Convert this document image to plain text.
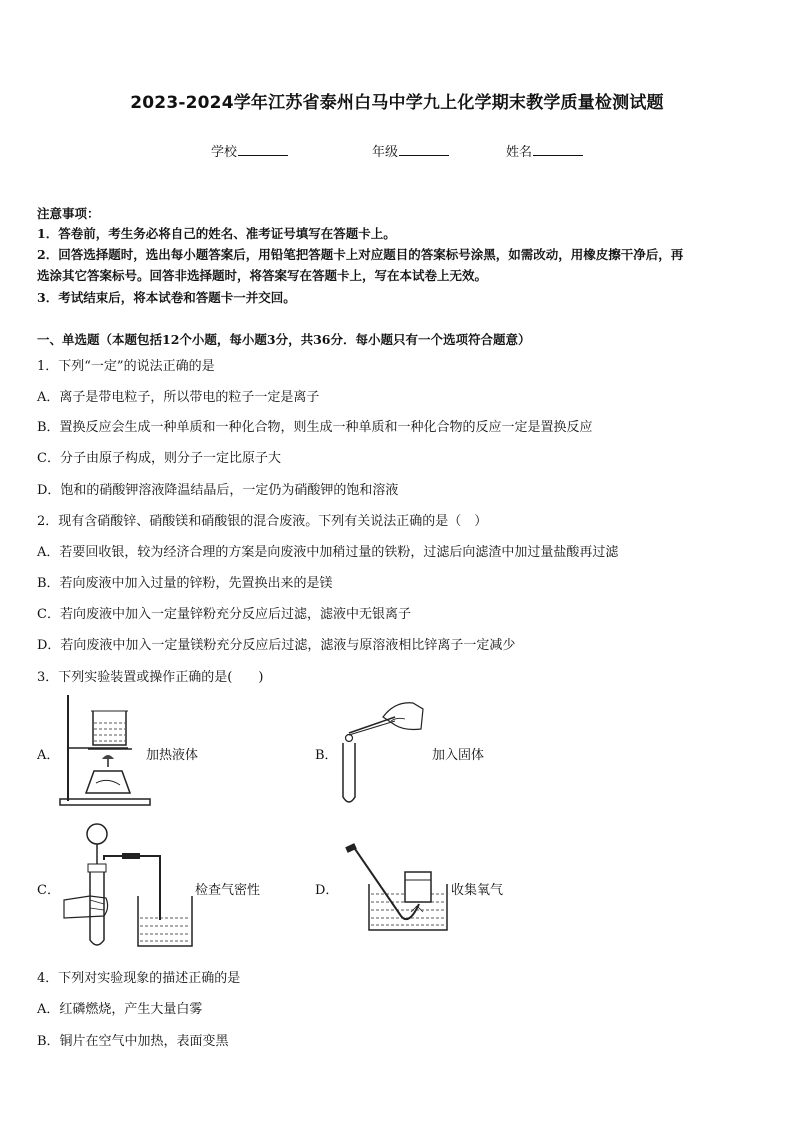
2023-2024学年江苏省泰州白马中学九上化学期末教学质量检测试题
学校	年级	姓名
注意事项：
1．答卷前，考生务必将自己的姓名、准考证号填写在答题卡上。
2．回答选择题时，选出每小题答案后，用铅笔把答题卡上对应题目的答案标号涂黑，如需改动，用橡皮擦干净后，再
选涂其它答案标号。回答非选择题时，将答案写在答题卡上，写在本试卷上无效。
3．考试结束后，将本试卷和答题卡一并交回。
一、单选题（本题包括12个小题，每小题3分，共36分．每小题只有一个选项符合题意）
1．下列“一定”的说法正确的是
A．离子是带电粒子，所以带电的粒子一定是离子
B．置换反应会生成一种单质和一种化合物，则生成一种单质和一种化合物的反应一定是置换反应
C．分子由原子构成，则分子一定比原子大
D．饱和的硝酸钾溶液降温结晶后，一定仍为硝酸钾的饱和溶液
2．现有含硝酸锌、硝酸镁和硝酸银的混合废液。下列有关说法正确的是（　）
A．若要回收银，较为经济合理的方案是向废液中加稍过量的铁粉，过滤后向滤渣中加过量盐酸再过滤
B．若向废液中加入过量的锌粉，先置换出来的是镁
C．若向废液中加入一定量锌粉充分反应后过滤，滤液中无银离子
D．若向废液中加入一定量镁粉充分反应后过滤，滤液与原溶液相比锌离子一定减少
3．下列实验装置或操作正确的是(　　)
A．	加热液体	B．	加入固体
C．	检查气密性	D．	收集氧气
4．下列对实验现象的描述正确的是
A．红磷燃烧，产生大量白雾
B．铜片在空气中加热，表面变黑
